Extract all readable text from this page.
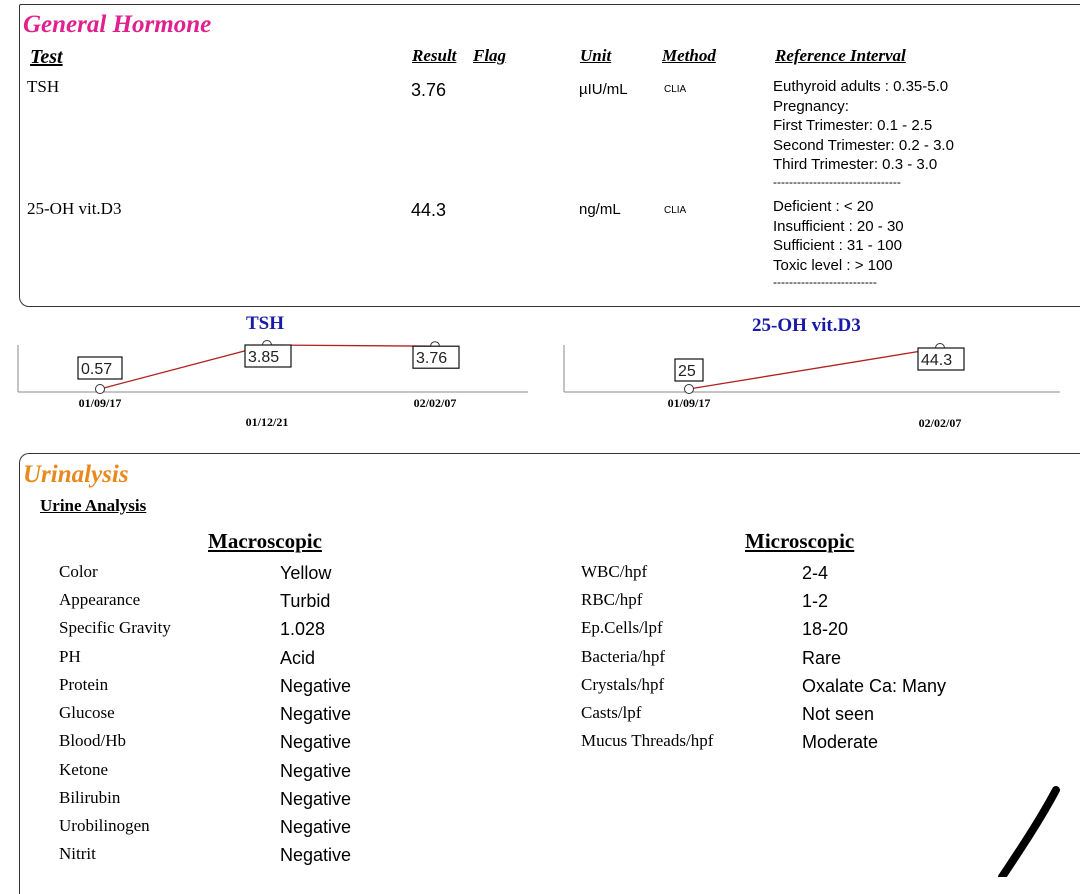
General Hormone
Test	Result Flag	Unit	Method	Reference Interval
TSH	3.76	µIU/mL	CLIA	Euthyroid adults : 0.35-5.0
Pregnancy:
First Trimester: 0.1 - 2.5
Second Trimester: 0.2 - 3.0
Third Trimester: 0.3 - 3.0
--------------------------------
25-OH vit.D3	44.3	ng/mL	CLIA	Deficient : < 20
Insufficient : 20 - 30
Sufficient : 31 - 100
Toxic level : > 100
--------------------------
TSH	25-OH vit.D3
0.57
01/09/17
3.85
01/12/21
3.76
02/02/07
25
01/09/17
44.3
02/02/07
Urinalysis
Urine Analysis
Macroscopic	Microscopic
Color	Yellow
Appearance	Turbid
Specific Gravity	1.028
PH	Acid
Protein	Negative
Glucose	Negative
Blood/Hb	Negative
Ketone	Negative
Bilirubin	Negative
Urobilinogen	Negative
Nitrit	Negative
WBC/hpf	2-4
RBC/hpf	1-2
Ep.Cells/lpf	18-20
Bacteria/hpf	Rare
Crystals/hpf	Oxalate Ca: Many
Casts/lpf	Not seen
Mucus Threads/hpf	Moderate
